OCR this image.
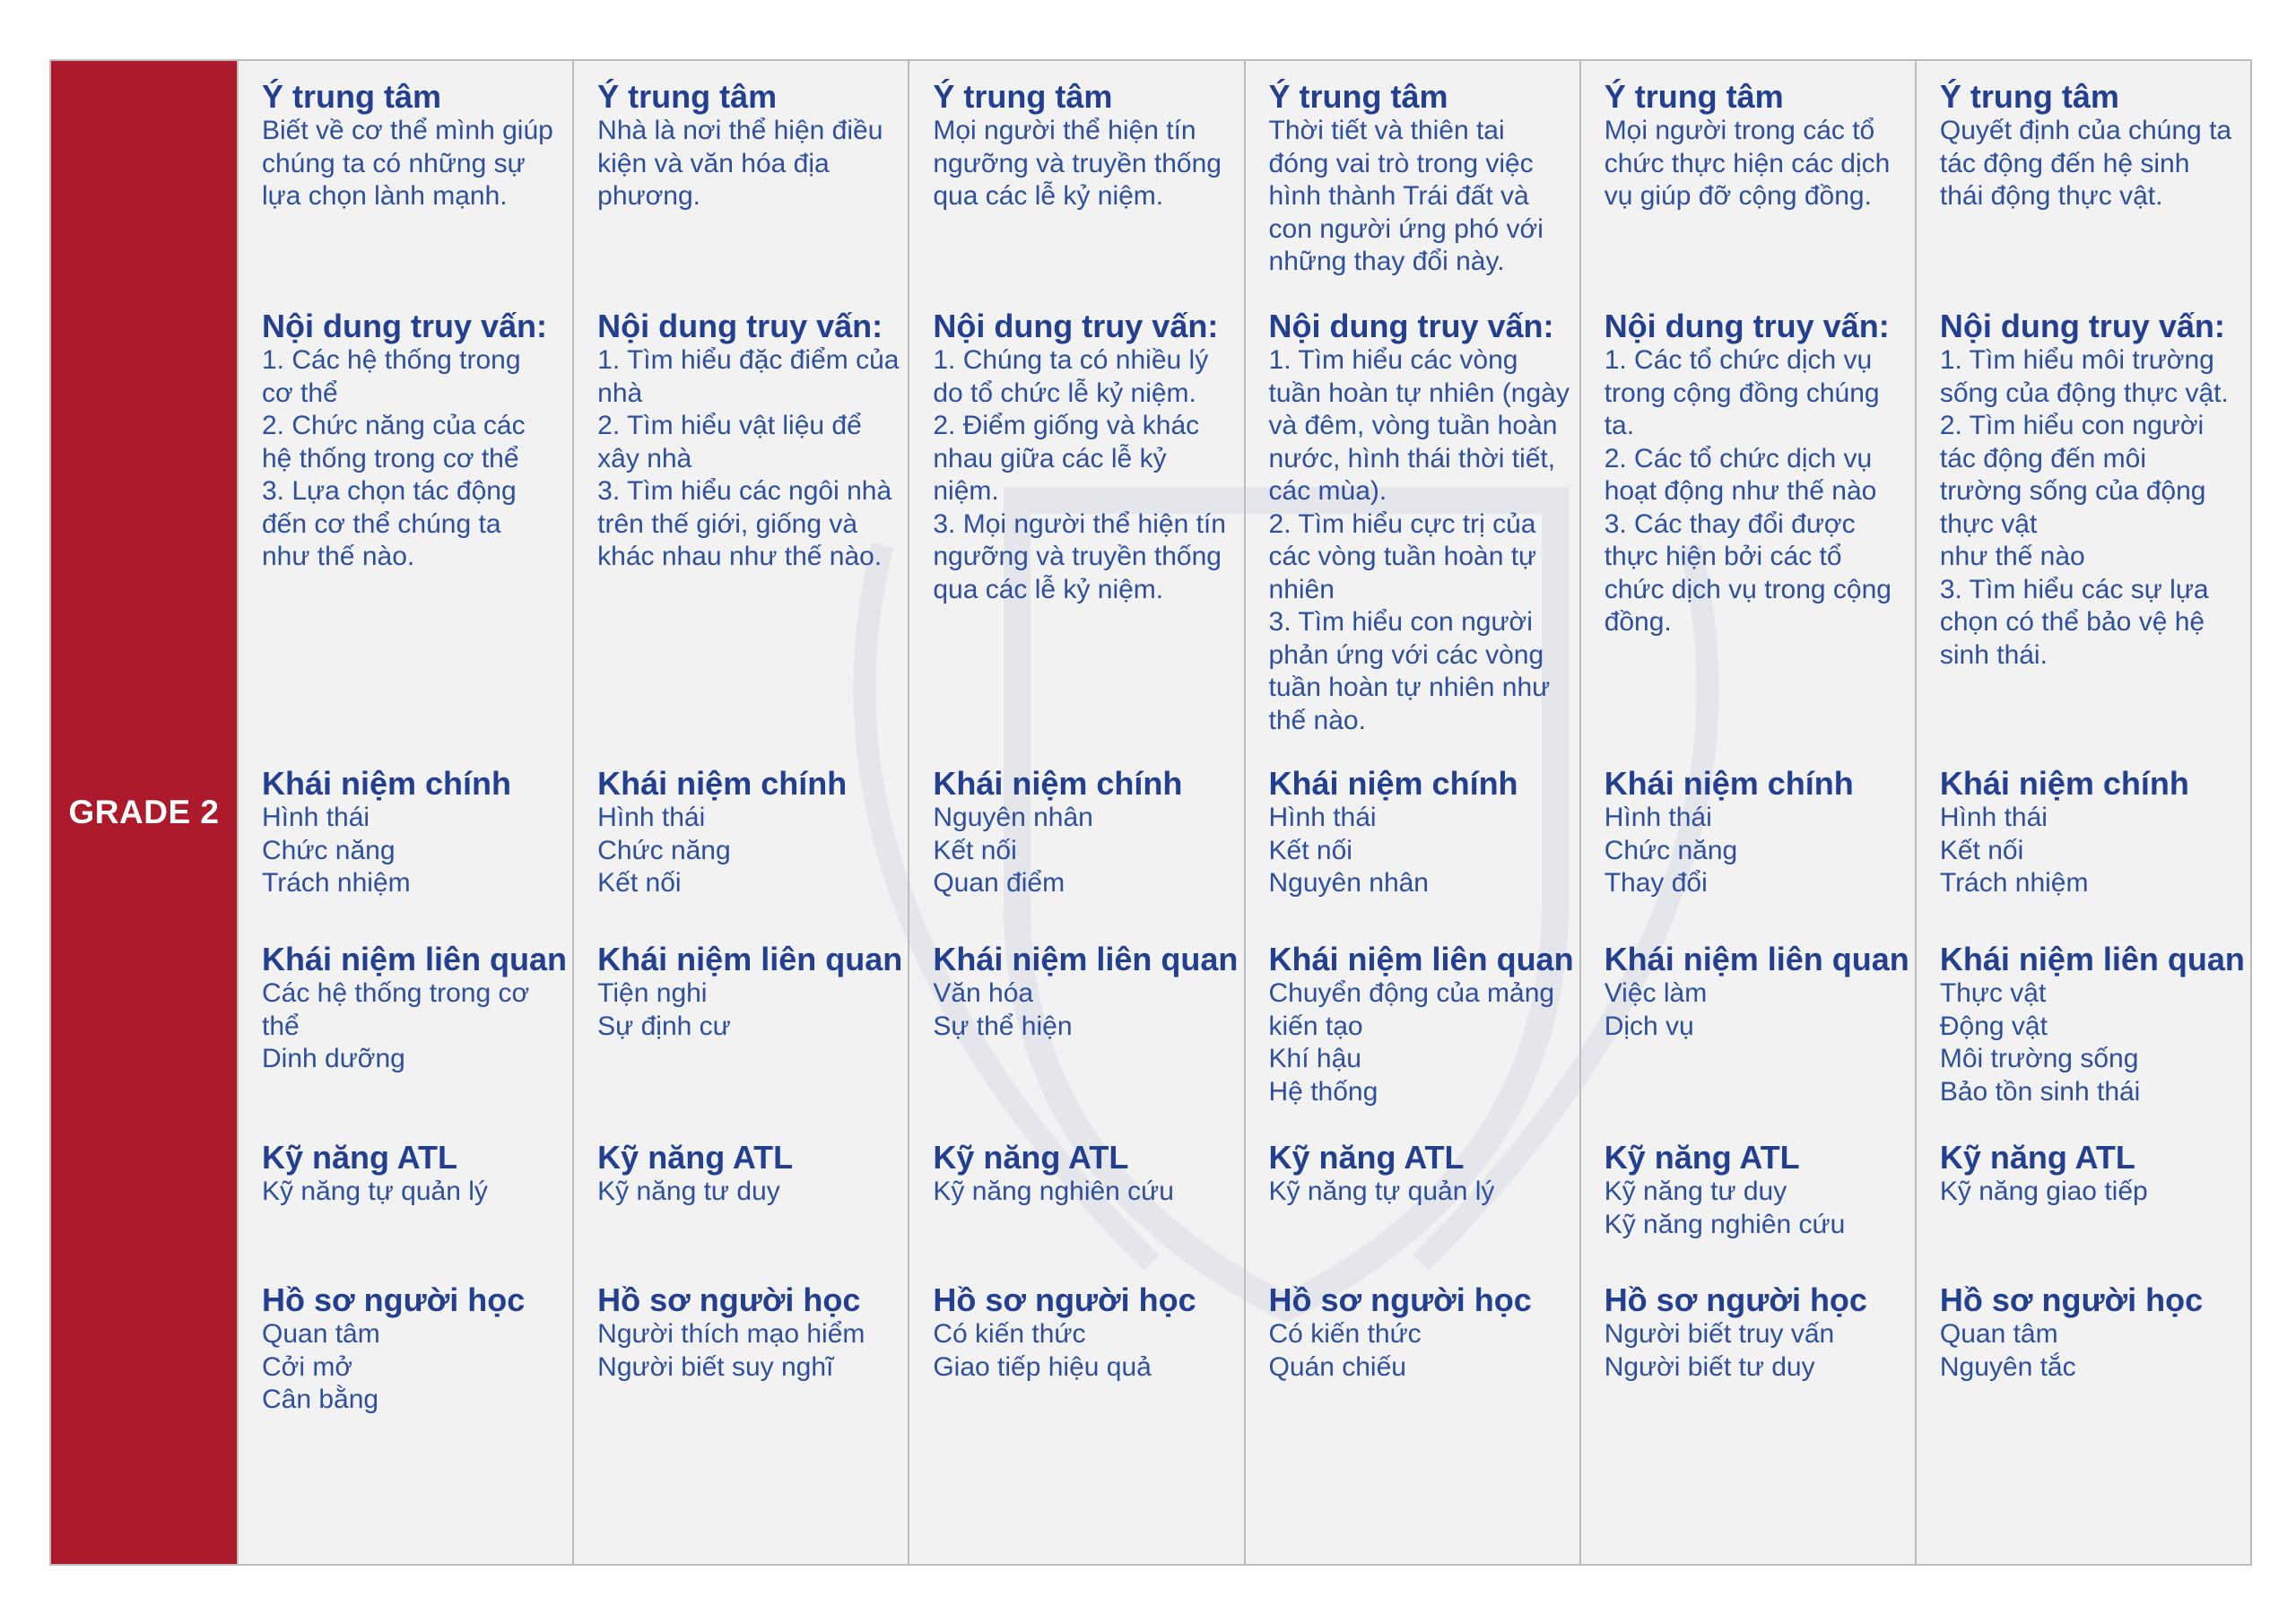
GRADE 2
Ý trung tâm
Biết về cơ thể mình giúp
chúng ta có những sự
lựa chọn lành mạnh.
Nội dung truy vấn:
1. Các hệ thống trong
cơ thể
2. Chức năng của các
hệ thống trong cơ thể
3. Lựa chọn tác động
đến cơ thể chúng ta
như thế nào.
Khái niệm chính
Hình thái
Chức năng
Trách nhiệm
Khái niệm liên quan
Các hệ thống trong cơ
thể
Dinh dưỡng
Kỹ năng ATL
Kỹ năng tự quản lý
Hồ sơ người học
Quan tâm
Cởi mở
Cân bằng
Ý trung tâm
Nhà là nơi thể hiện điều
kiện và văn hóa địa
phương.
Nội dung truy vấn:
1. Tìm hiểu đặc điểm của
nhà
2. Tìm hiểu vật liệu để
xây nhà
3. Tìm hiểu các ngôi nhà
trên thế giới, giống và
khác nhau như thế nào.
Khái niệm chính
Hình thái
Chức năng
Kết nối
Khái niệm liên quan
Tiện nghi
Sự định cư
Kỹ năng ATL
Kỹ năng tư duy
Hồ sơ người học
Người thích mạo hiểm
Người biết suy nghĩ
Ý trung tâm
Mọi người thể hiện tín
ngưỡng và truyền thống
qua các lễ kỷ niệm.
Nội dung truy vấn:
1. Chúng ta có nhiều lý
do tổ chức lễ kỷ niệm.
2. Điểm giống và khác
nhau giữa các lễ kỷ
niệm.
3. Mọi người thể hiện tín
ngưỡng và truyền thống
qua các lễ kỷ niệm.
Khái niệm chính
Nguyên nhân
Kết nối
Quan điểm
Khái niệm liên quan
Văn hóa
Sự thể hiện
Kỹ năng ATL
Kỹ năng nghiên cứu
Hồ sơ người học
Có kiến thức
Giao tiếp hiệu quả
Ý trung tâm
Thời tiết và thiên tai
đóng vai trò trong việc
hình thành Trái đất và
con người ứng phó với
những thay đổi này.
Nội dung truy vấn:
1. Tìm hiểu các vòng
tuần hoàn tự nhiên (ngày
và đêm, vòng tuần hoàn
nước, hình thái thời tiết,
các mùa).
2. Tìm hiểu cực trị của
các vòng tuần hoàn tự
nhiên
3. Tìm hiểu con người
phản ứng với các vòng
tuần hoàn tự nhiên như
thế nào.
Khái niệm chính
Hình thái
Kết nối
Nguyên nhân
Khái niệm liên quan
Chuyển động của mảng
kiến tạo
Khí hậu
Hệ thống
Kỹ năng ATL
Kỹ năng tự quản lý
Hồ sơ người học
Có kiến thức
Quán chiếu
Ý trung tâm
Mọi người trong các tổ
chức thực hiện các dịch
vụ giúp đỡ cộng đồng.
Nội dung truy vấn:
1. Các tổ chức dịch vụ
trong cộng đồng chúng
ta.
2. Các tổ chức dịch vụ
hoạt động như thế nào
3. Các thay đổi được
thực hiện bởi các tổ
chức dịch vụ trong cộng
đồng.
Khái niệm chính
Hình thái
Chức năng
Thay đổi
Khái niệm liên quan
Việc làm
Dịch vụ
Kỹ năng ATL
Kỹ năng tư duy
Kỹ năng nghiên cứu
Hồ sơ người học
Người biết truy vấn
Người biết tư duy
Ý trung tâm
Quyết định của chúng ta
tác động đến hệ sinh
thái động thực vật.
Nội dung truy vấn:
1. Tìm hiểu môi trường
sống của động thực vật.
2. Tìm hiểu con người
tác động đến môi
trường sống của động
thực vật
như thế nào
3. Tìm hiểu các sự lựa
chọn có thể bảo vệ hệ
sinh thái.
Khái niệm chính
Hình thái
Kết nối
Trách nhiệm
Khái niệm liên quan
Thực vật
Động vật
Môi trường sống
Bảo tồn sinh thái
Kỹ năng ATL
Kỹ năng giao tiếp
Hồ sơ người học
Quan tâm
Nguyên tắc
